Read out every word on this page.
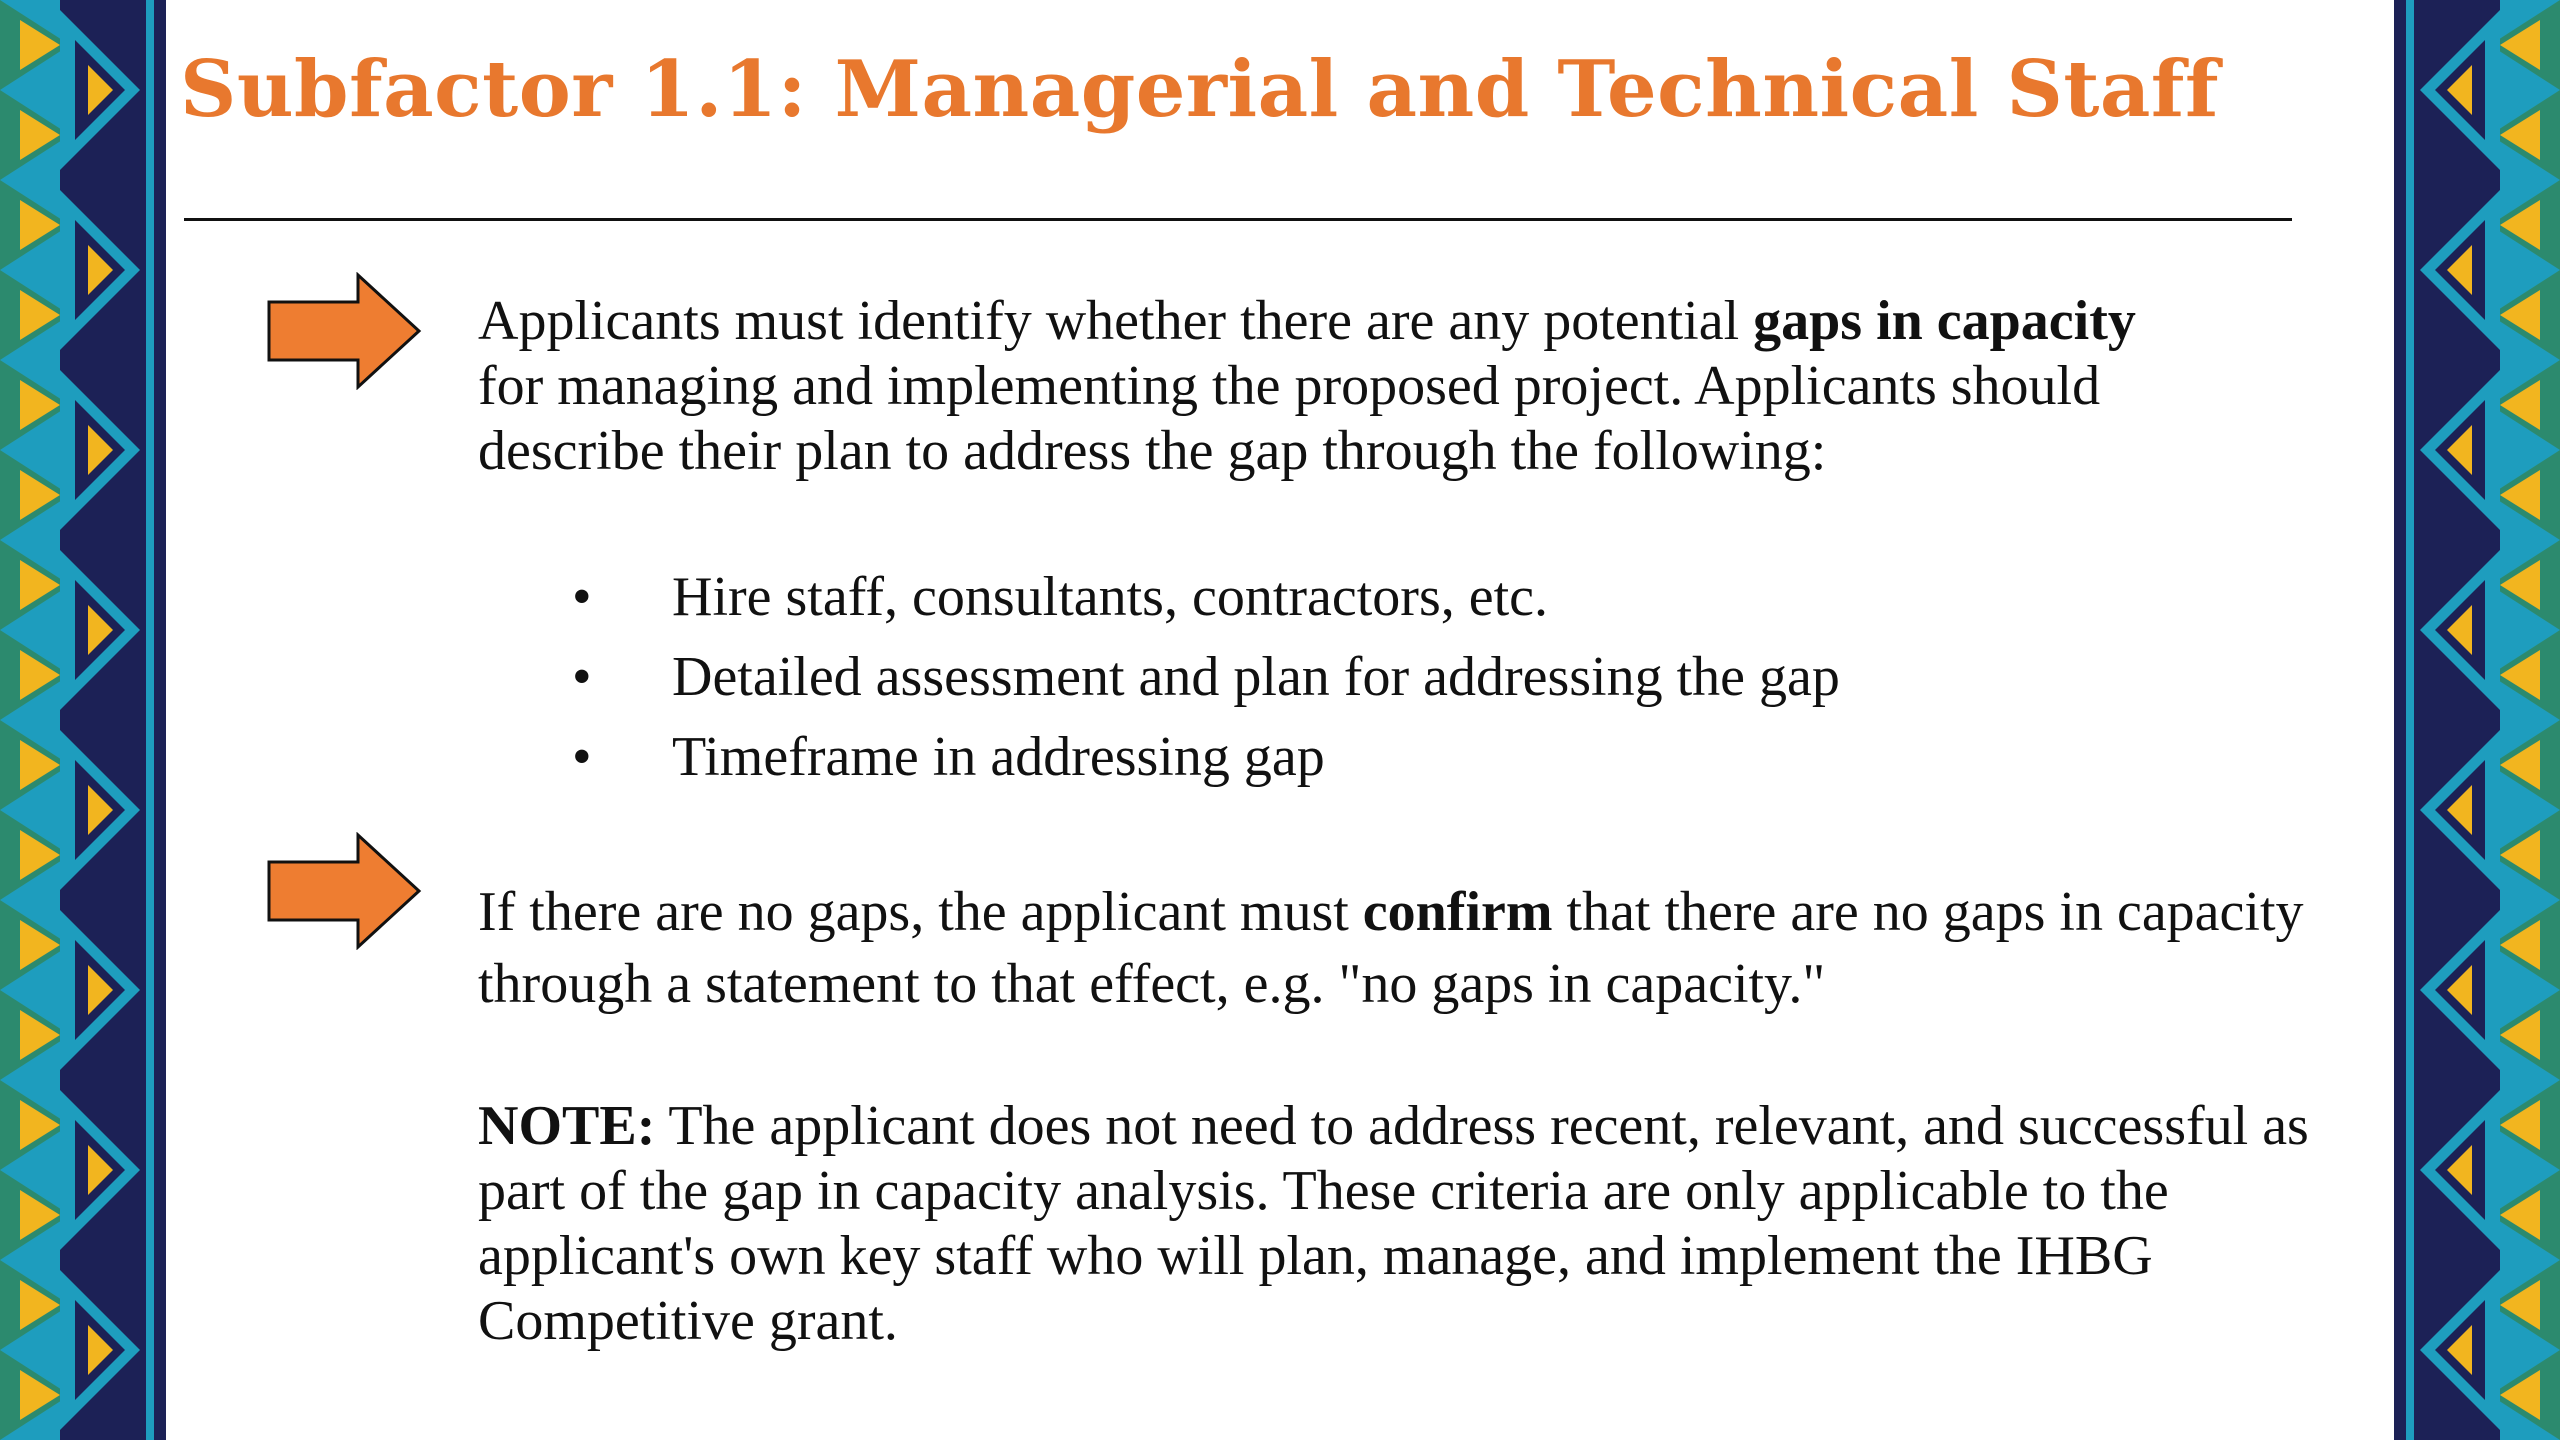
Subfactor 1.1: Managerial and Technical Staff

Applicants must identify whether there are any potential gaps in capacity for managing and implementing the proposed project. Applicants should describe their plan to address the gap through the following:

• Hire staff, consultants, contractors, etc.
• Detailed assessment and plan for addressing the gap
• Timeframe in addressing gap

If there are no gaps, the applicant must confirm that there are no gaps in capacity through a statement to that effect, e.g. "no gaps in capacity."

NOTE: The applicant does not need to address recent, relevant, and successful as part of the gap in capacity analysis. These criteria are only applicable to the applicant's own key staff who will plan, manage, and implement the IHBG Competitive grant.
